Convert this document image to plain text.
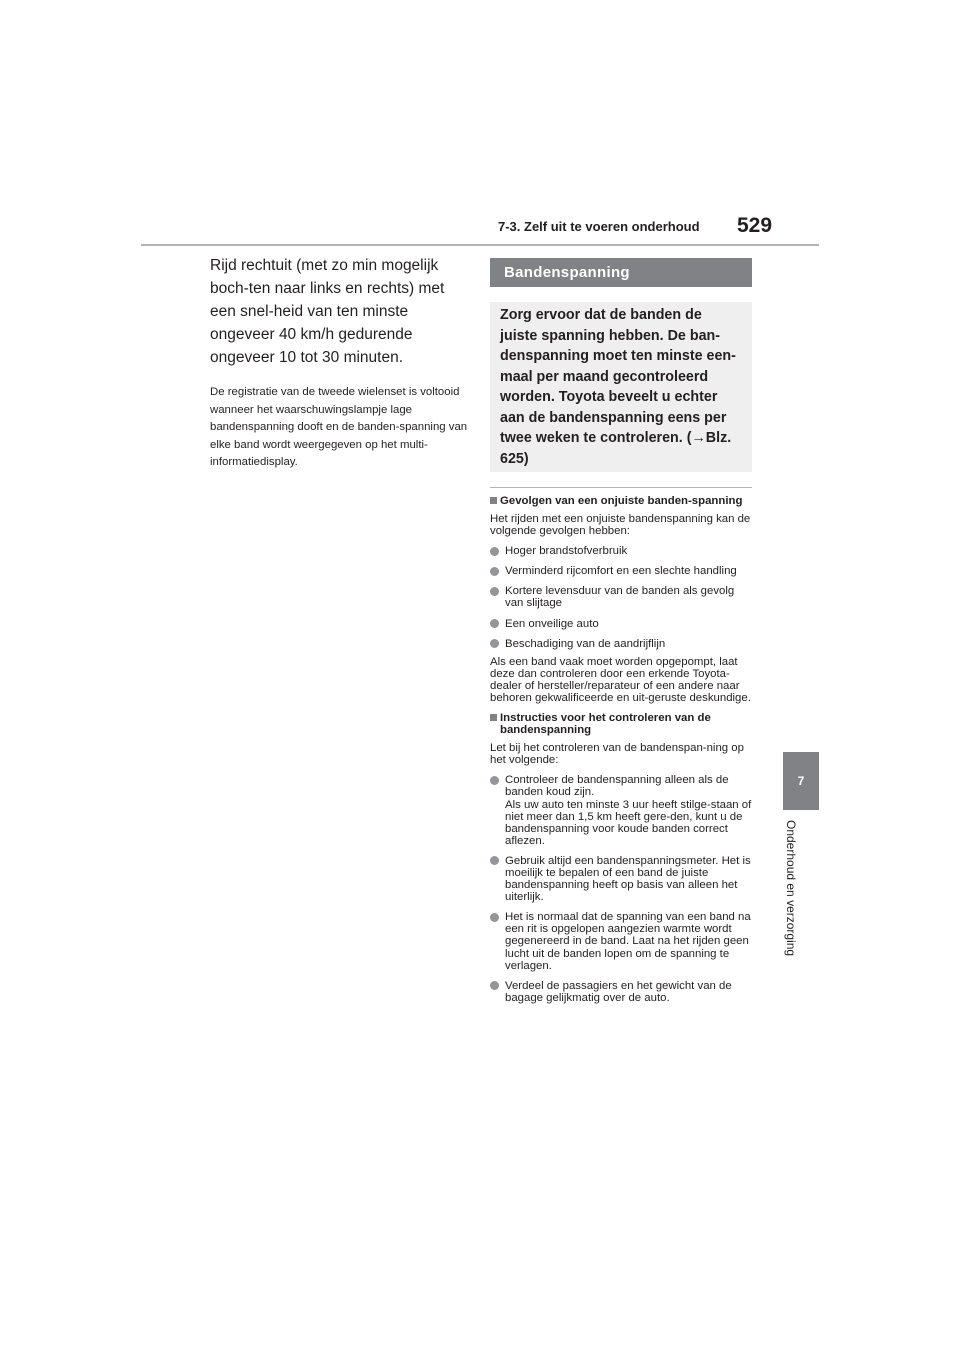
7-3. Zelf uit te voeren onderhoud 529
7
Onderhoud en verzorging

Rijd rechtuit (met zo min mogelijk boch-ten naar links en rechts) met een snel-heid van ten minste ongeveer 40 km/h gedurende ongeveer 10 tot 30 minuten.

De registratie van de tweede wielenset is voltooid wanneer het waarschuwingslampje lage bandenspanning dooft en de banden-spanning van elke band wordt weergegeven op het multi-informatiedisplay.

Bandenspanning

Zorg ervoor dat de banden de juiste spanning hebben. De ban-denspanning moet ten minste een-maal per maand gecontroleerd worden. Toyota beveelt u echter aan de bandenspanning eens per twee weken te controleren. (→Blz. 625)

Gevolgen van een onjuiste banden-spanning

Het rijden met een onjuiste bandenspanning kan de volgende gevolgen hebben:

Hoger brandstofverbruik
Verminderd rijcomfort en een slechte handling
Kortere levensduur van de banden als gevolg van slijtage
Een onveilige auto
Beschadiging van de aandrijflijn

Als een band vaak moet worden opgepompt, laat deze dan controleren door een erkende Toyota-dealer of hersteller/reparateur of een andere naar behoren gekwalificeerde en uit-geruste deskundige.

Instructies voor het controleren van de bandenspanning

Let bij het controleren van de bandenspan-ning op het volgende:

Controleer de bandenspanning alleen als de banden koud zijn.
Als uw auto ten minste 3 uur heeft stilge-staan of niet meer dan 1,5 km heeft gere-den, kunt u de bandenspanning voor koude banden correct aflezen.
Gebruik altijd een bandenspanningsmeter. Het is moeilijk te bepalen of een band de juiste bandenspanning heeft op basis van alleen het uiterlijk.
Het is normaal dat de spanning van een band na een rit is opgelopen aangezien warmte wordt gegenereerd in de band. Laat na het rijden geen lucht uit de banden lopen om de spanning te verlagen.
Verdeel de passagiers en het gewicht van de bagage gelijkmatig over de auto.
